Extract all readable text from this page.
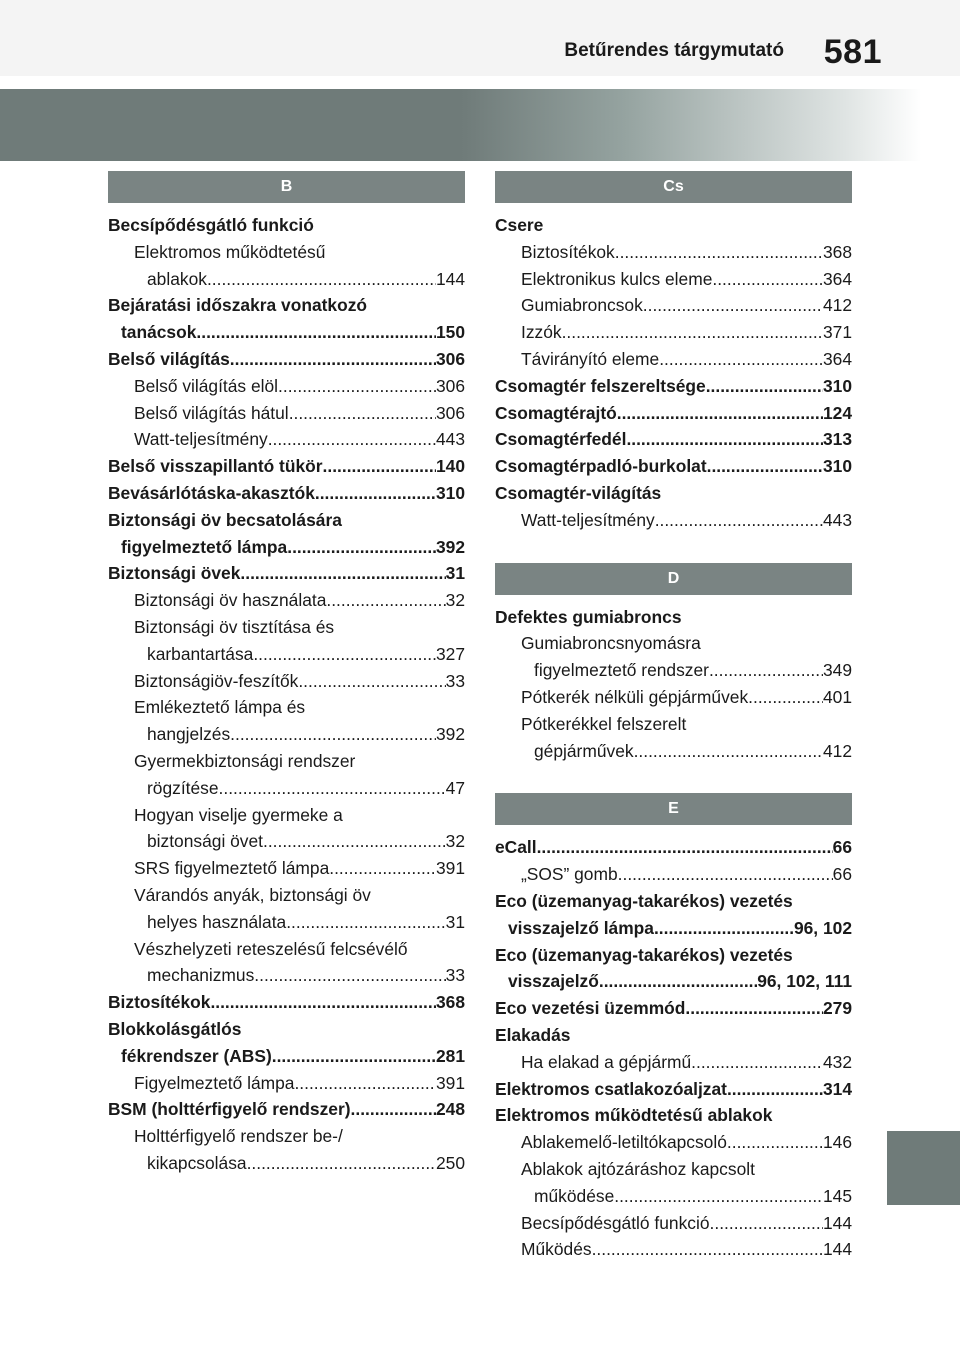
Betűrendes tárgymutató 581
B
Becsípődésgátló funkció
Elektromos működtetésű
ablakok .....	144
Bejáratási időszakra vonatkozó
tanácsok .....	150
Belső világítás .....	306
Belső világítás elöl .....	306
Belső világítás hátul .....	306
Watt-teljesítmény .....	443
Belső visszapillantó tükör .....	140
Bevásárlótáska-akasztók .....	310
Biztonsági öv becsatolására
figyelmeztető lámpa .....	392
Biztonsági övek .....	31
Biztonsági öv használata .....	32
Biztonsági öv tisztítása és
karbantartása .....	327
Biztonságiöv-feszítők .....	33
Emlékeztető lámpa és
hangjelzés .....	392
Gyermekbiztonsági rendszer
rögzítése .....	47
Hogyan viselje gyermeke a
biztonsági övet .....	32
SRS figyelmeztető lámpa .....	391
Várandós anyák, biztonsági öv
helyes használata .....	31
Vészhelyzeti reteszelésű felcsévélő
mechanizmus .....	33
Biztosítékok .....	368
Blokkolásgátlós
fékrendszer (ABS) .....	281
Figyelmeztető lámpa .....	391
BSM (holttérfigyelő rendszer) .....	248
Holttérfigyelő rendszer be-/
kikapcsolása .....	250
Cs
Csere
Biztosítékok .....	368
Elektronikus kulcs eleme .....	364
Gumiabroncsok .....	412
Izzók .....	371
Távirányító eleme .....	364
Csomagtér felszereltsége .....	310
Csomagtérajtó .....	124
Csomagtérfedél .....	313
Csomagtérpadló-burkolat .....	310
Csomagtér-világítás
Watt-teljesítmény .....	443
D
Defektes gumiabroncs
Gumiabroncsnyomásra
figyelmeztető rendszer .....	349
Pótkerék nélküli gépjárművek .....	401
Pótkerékkel felszerelt
gépjárművek .....	412
E
eCall .....	66
„SOS” gomb .....	66
Eco (üzemanyag-takarékos) vezetés
visszajelző lámpa .....	96, 102
Eco (üzemanyag-takarékos) vezetés
visszajelző .....	96, 102, 111
Eco vezetési üzemmód .....	279
Elakadás
Ha elakad a gépjármű .....	432
Elektromos csatlakozóaljzat .....	314
Elektromos működtetésű ablakok
Ablakemelő-letiltókapcsoló .....	146
Ablakok ajtózáráshoz kapcsolt
működése .....	145
Becsípődésgátló funkció .....	144
Működés .....	144
